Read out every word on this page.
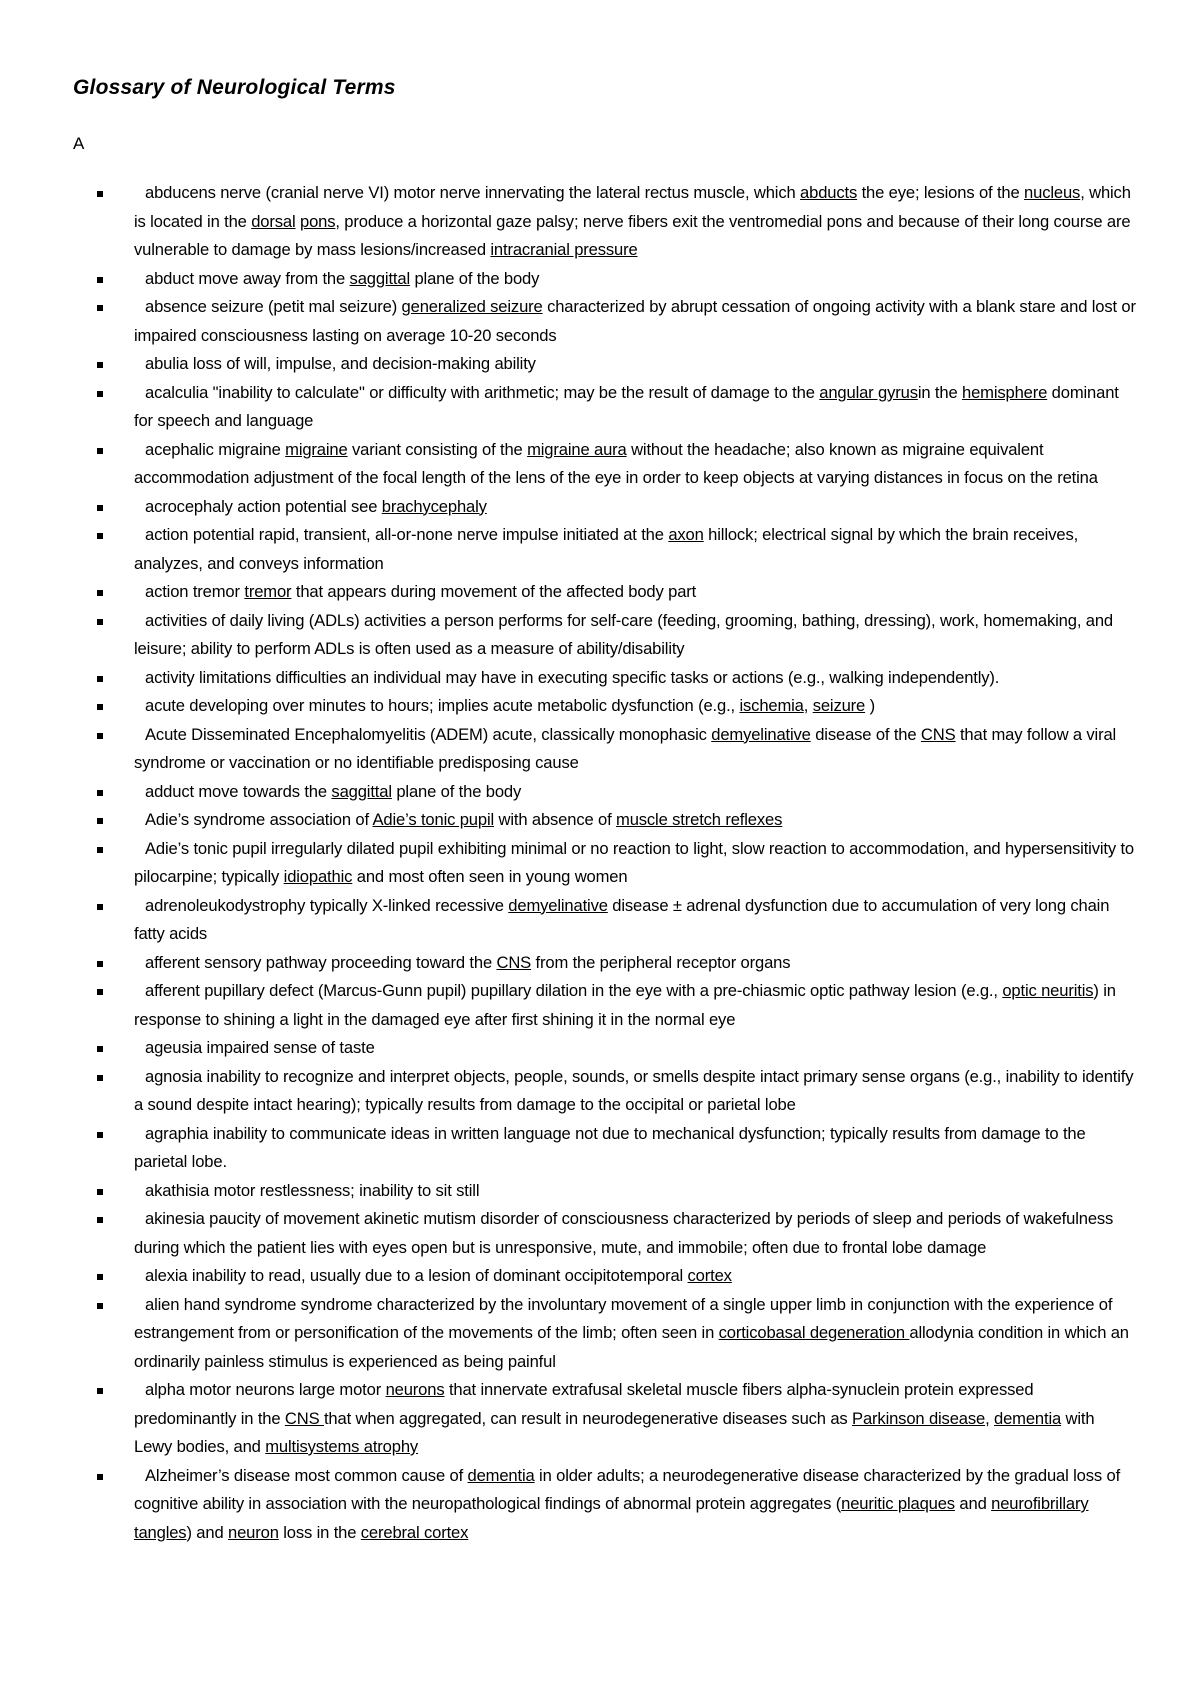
Glossary of Neurological Terms
A
abducens nerve (cranial nerve VI) motor nerve innervating the lateral rectus muscle, which abducts the eye; lesions of the nucleus, which is located in the dorsal pons, produce a horizontal gaze palsy; nerve fibers exit the ventromedial pons and because of their long course are vulnerable to damage by mass lesions/increased intracranial pressure
abduct move away from the saggittal plane of the body
absence seizure (petit mal seizure) generalized seizure characterized by abrupt cessation of ongoing activity with a blank stare and lost or impaired consciousness lasting on average 10-20 seconds
abulia loss of will, impulse, and decision-making ability
acalculia "inability to calculate" or difficulty with arithmetic; may be the result of damage to the angular gyrusin the hemisphere dominant for speech and language
acephalic migraine migraine variant consisting of the migraine aura without the headache; also known as migraine equivalent accommodation adjustment of the focal length of the lens of the eye in order to keep objects at varying distances in focus on the retina
acrocephaly action potential see brachycephaly
action potential rapid, transient, all-or-none nerve impulse initiated at the axon hillock; electrical signal by which the brain receives, analyzes, and conveys information
action tremor tremor that appears during movement of the affected body part
activities of daily living (ADLs) activities a person performs for self-care (feeding, grooming, bathing, dressing), work, homemaking, and leisure; ability to perform ADLs is often used as a measure of ability/disability
activity limitations difficulties an individual may have in executing specific tasks or actions (e.g., walking independently).
acute developing over minutes to hours; implies acute metabolic dysfunction (e.g., ischemia, seizure )
Acute Disseminated Encephalomyelitis (ADEM) acute, classically monophasic demyelinative disease of the CNS that may follow a viral syndrome or vaccination or no identifiable predisposing cause
adduct move towards the saggittal plane of the body
Adie’s syndrome association of Adie’s tonic pupil with absence of muscle stretch reflexes
Adie’s tonic pupil irregularly dilated pupil exhibiting minimal or no reaction to light, slow reaction to accommodation, and hypersensitivity to pilocarpine; typically idiopathic and most often seen in young women
adrenoleukodystrophy typically X-linked recessive demyelinative disease ± adrenal dysfunction due to accumulation of very long chain fatty acids
afferent sensory pathway proceeding toward the CNS from the peripheral receptor organs
afferent pupillary defect (Marcus-Gunn pupil) pupillary dilation in the eye with a pre-chiasmic optic pathway lesion (e.g., optic neuritis) in response to shining a light in the damaged eye after first shining it in the normal eye
ageusia impaired sense of taste
agnosia inability to recognize and interpret objects, people, sounds, or smells despite intact primary sense organs (e.g., inability to identify a sound despite intact hearing); typically results from damage to the occipital or parietal lobe
agraphia inability to communicate ideas in written language not due to mechanical dysfunction; typically results from damage to the parietal lobe.
akathisia motor restlessness; inability to sit still
akinesia paucity of movement akinetic mutism disorder of consciousness characterized by periods of sleep and periods of wakefulness during which the patient lies with eyes open but is unresponsive, mute, and immobile; often due to frontal lobe damage
alexia inability to read, usually due to a lesion of dominant occipitotemporal cortex
alien hand syndrome syndrome characterized by the involuntary movement of a single upper limb in conjunction with the experience of estrangement from or personification of the movements of the limb; often seen in corticobasal degeneration allodynia condition in which an ordinarily painless stimulus is experienced as being painful
alpha motor neurons large motor neurons that innervate extrafusal skeletal muscle fibers alpha-synuclein protein expressed predominantly in the CNS that when aggregated, can result in neurodegenerative diseases such as Parkinson disease, dementia with Lewy bodies, and multisystems atrophy
Alzheimer’s disease most common cause of dementia in older adults; a neurodegenerative disease characterized by the gradual loss of cognitive ability in association with the neuropathological findings of abnormal protein aggregates (neuritic plaques and neurofibrillary tangles) and neuron loss in the cerebral cortex
